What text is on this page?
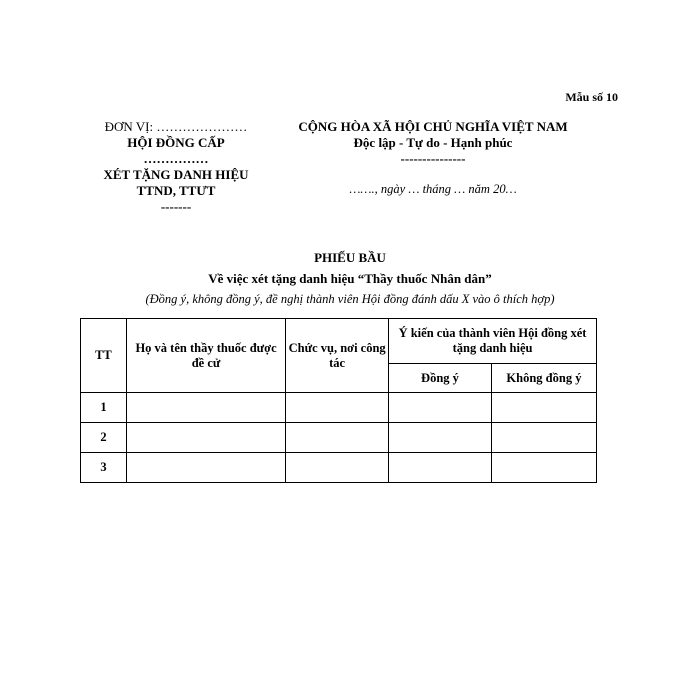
Mẫu số 10
ĐƠN VỊ: …………………
HỘI ĐỒNG CẤP
……………
XÉT TẶNG DANH HIỆU
TTND, TTƯT
-------
CỘNG HÒA XÃ HỘI CHỦ NGHĨA VIỆT NAM
Độc lập - Tự do - Hạnh phúc
---------------
……., ngày … tháng … năm 20…
PHIẾU BẦU
Về việc xét tặng danh hiệu “Thầy thuốc Nhân dân”
(Đồng ý, không đồng ý, đề nghị thành viên Hội đồng đánh dấu X vào ô thích hợp)
TT	Họ và tên thầy thuốc được đề cử	Chức vụ, nơi công tác	Ý kiến của thành viên Hội đồng xét tặng danh hiệu	
			Đồng ý	Không đồng ý
1				
2				
3				
